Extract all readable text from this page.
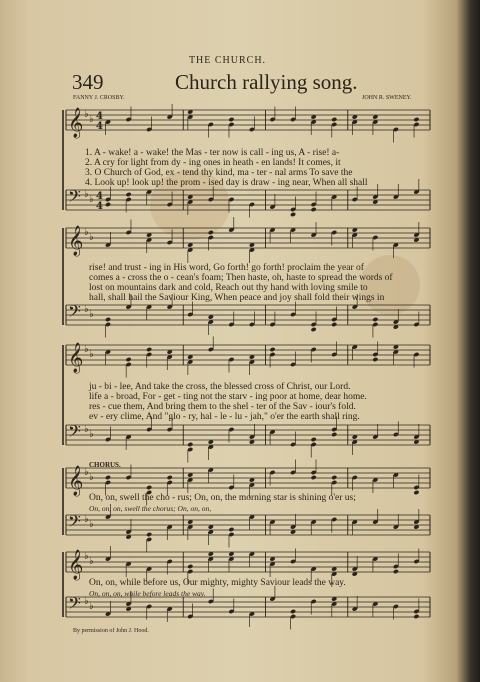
𝄞 ♭ ♭
𝄢 ♭ ♭
𝄞 ♭ ♭
𝄢 ♭ ♭
𝄞 ♭ ♭
𝄢 ♭ ♭
𝄞 ♭ ♭
𝄢 ♭ ♭
𝄞 ♭ ♭
𝄢 ♭ ♭
4
4
4
4
THE CHURCH.
349	Church rallying song.
FANNY J. CROSBY.	JOHN R. SWENEY.
1. A - wake! a - wake! the Mas - ter now is call - ing us, A - rise! a-
2. A cry for light from dy - ing ones in heath - en lands! It comes, it
3. O Church of God, ex - tend thy kind, ma - ter - nal arms To save the
4. Look up! look up! the prom - ised day is draw - ing near, When all shall
rise! and trust - ing in His word, Go forth! go forth! proclaim the year of
comes a - cross the o - cean's foam; Then haste, oh, haste to spread the words of
lost on mountains dark and cold, Reach out thy hand with loving smile to
hall, shall hail the Saviour King, When peace and joy shall fold their wings in
ju - bi - lee, And take the cross, the blessed cross of Christ, our Lord.
life a - broad, For - get - ting not the starv - ing poor at home, dear home.
res - cue them, And bring them to the shel - ter of the Sav - iour's fold.
ev - ery clime, And "glo - ry, hal - le - lu - jah," o'er the earth shall ring.
CHORUS.
On, on, swell the cho - rus; On, on, the morning star is shining o'er us;
On, on, on, swell the chorus; On, on, on,
On, on, while before us, Our mighty, mighty Saviour leads the way.
On, on, on, while before leads the way.
By permission of John J. Hood.
